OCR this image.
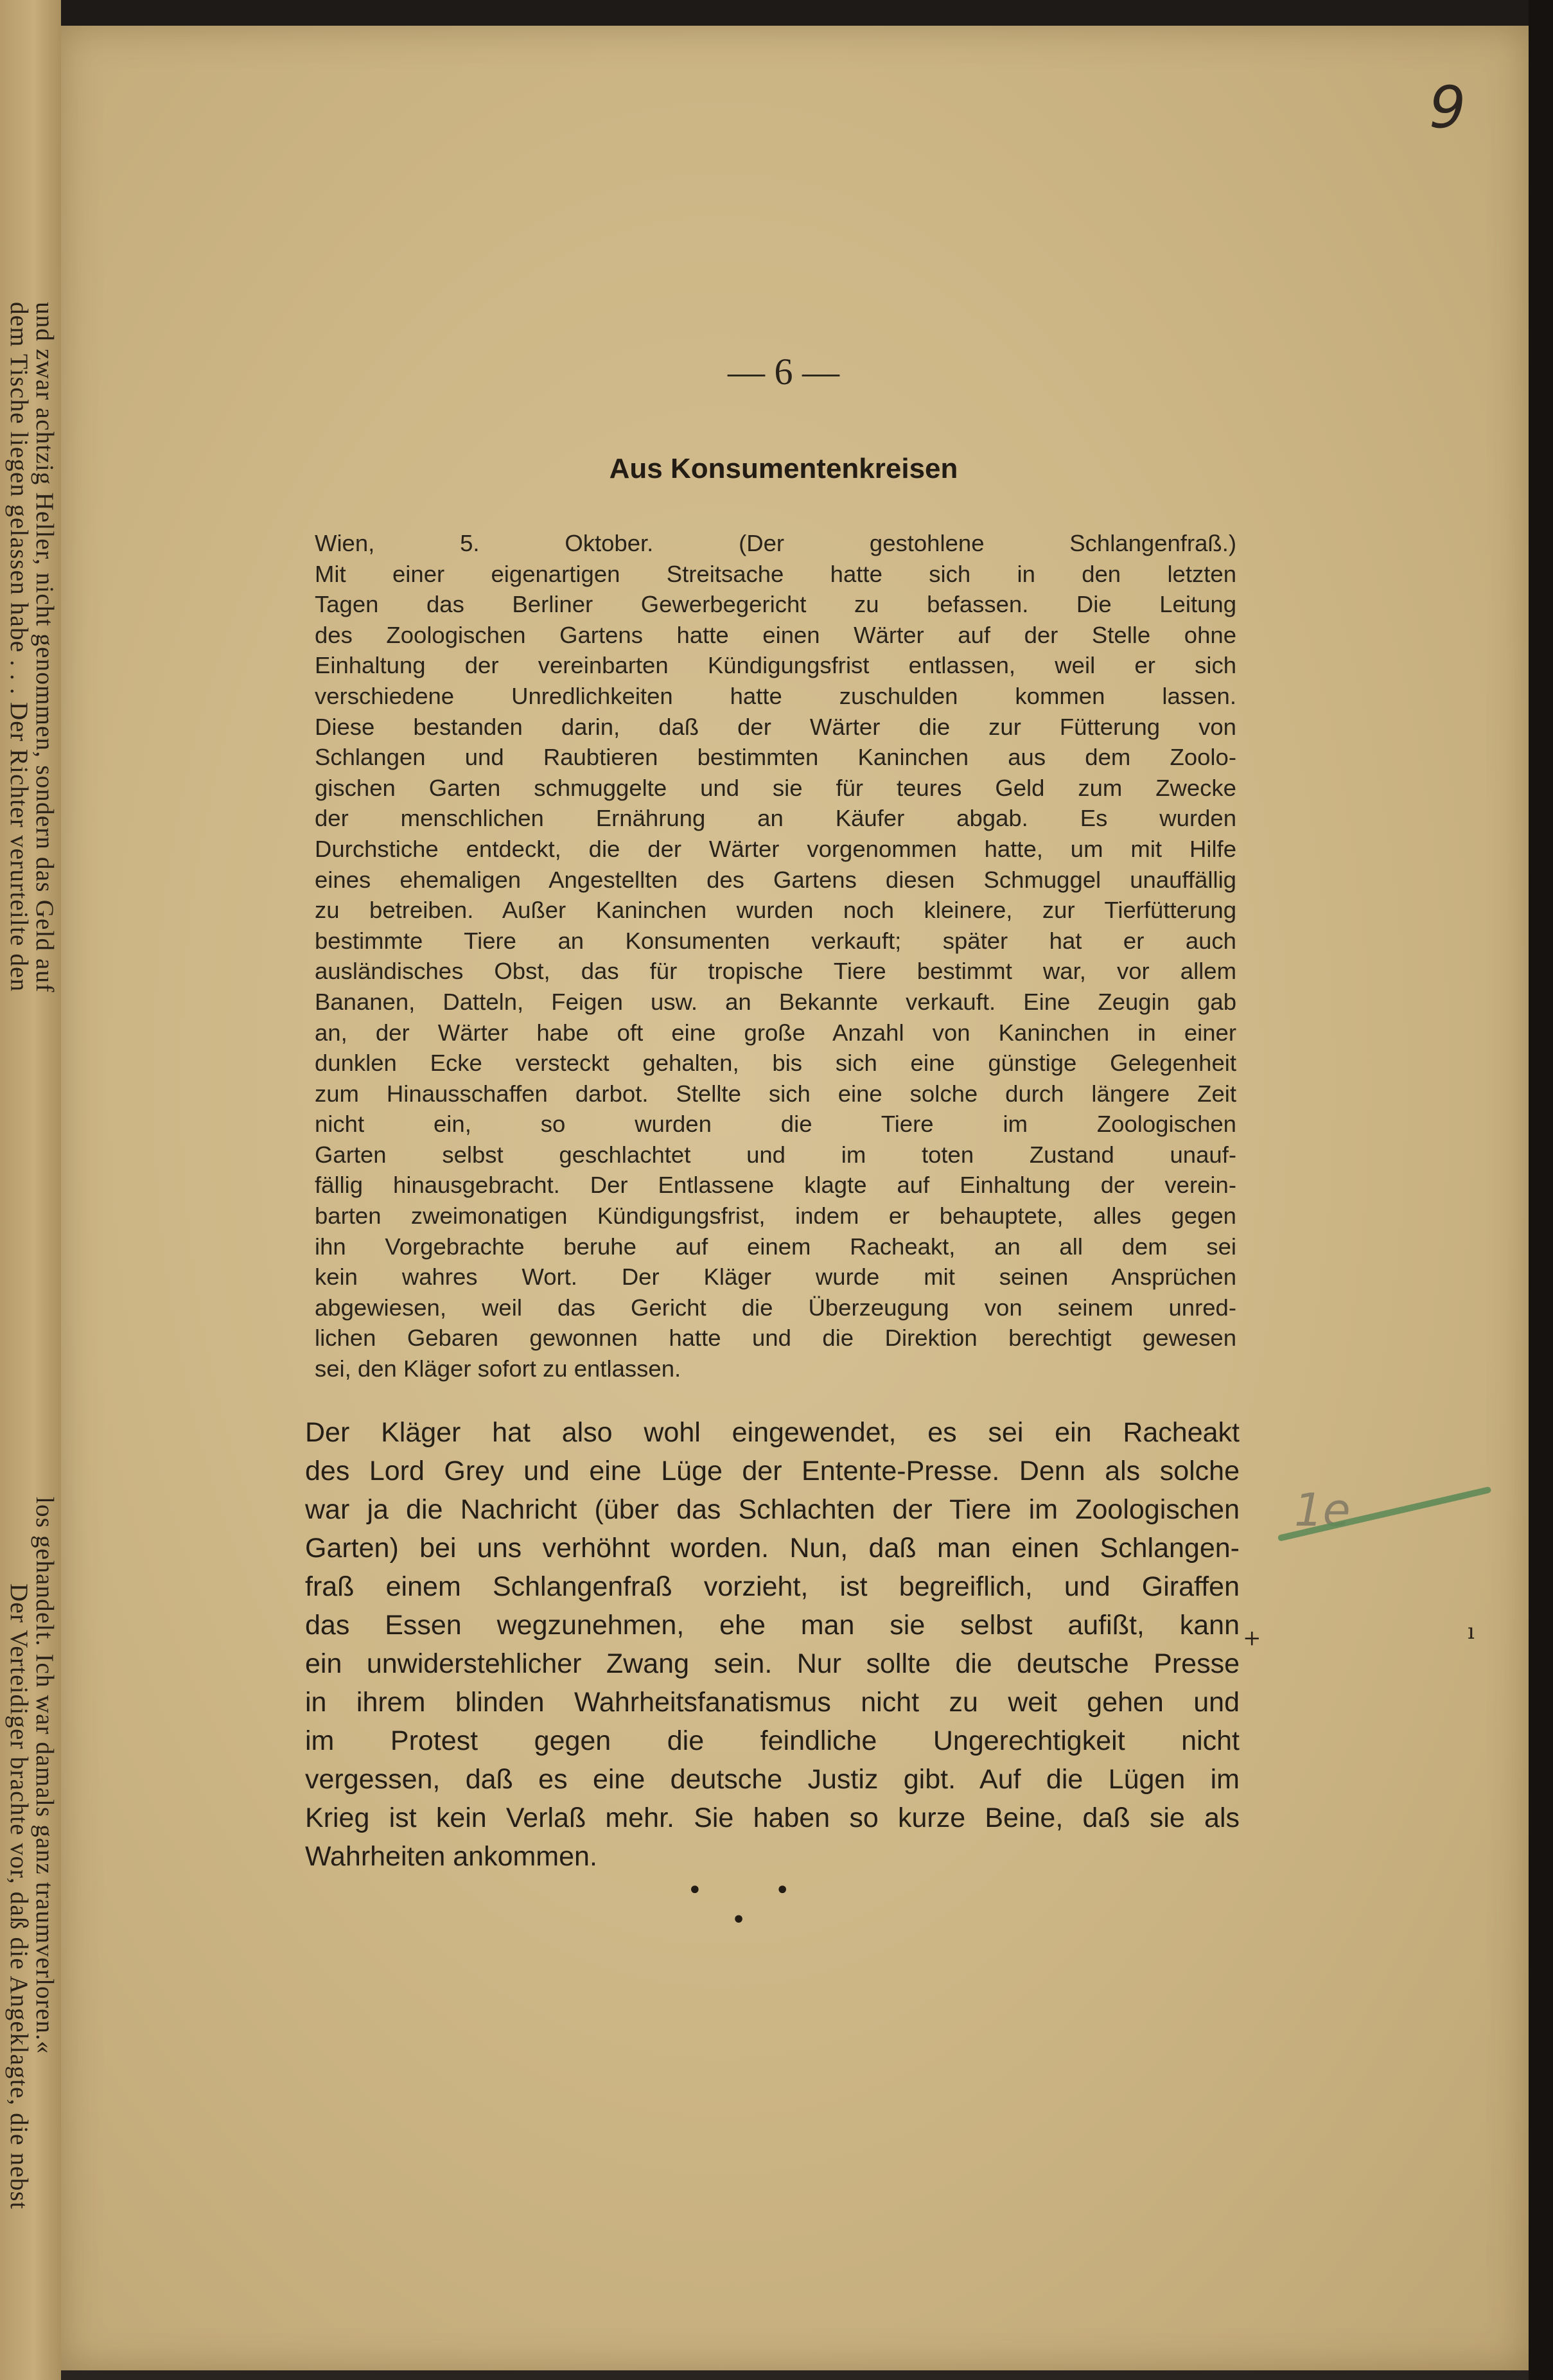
und zwar achtzig Heller, nicht genommen, sondern das Geld auf
dem Tische liegen gelassen habe . . . Der Richter verurteilte den
los gehandelt. Ich war damals ganz traumverloren.«
Der Verteidiger brachte vor, daß die Angeklagte, die nebst
9
— 6 —
Aus Konsumentenkreisen
Wien, 5. Oktober. (Der gestohlene Schlangenfraß.)
Mit einer eigenartigen Streitsache hatte sich in den letzten
Tagen das Berliner Gewerbegericht zu befassen. Die Leitung
des Zoologischen Gartens hatte einen Wärter auf der Stelle ohne
Einhaltung der vereinbarten Kündigungsfrist entlassen, weil er sich
verschiedene Unredlichkeiten hatte zuschulden kommen lassen.
Diese bestanden darin, daß der Wärter die zur Fütterung von
Schlangen und Raubtieren bestimmten Kaninchen aus dem Zoolo-
gischen Garten schmuggelte und sie für teures Geld zum Zwecke
der menschlichen Ernährung an Käufer abgab. Es wurden
Durchstiche entdeckt, die der Wärter vorgenommen hatte, um mit Hilfe
eines ehemaligen Angestellten des Gartens diesen Schmuggel unauffällig
zu betreiben. Außer Kaninchen wurden noch kleinere, zur Tierfütterung
bestimmte Tiere an Konsumenten verkauft; später hat er auch
ausländisches Obst, das für tropische Tiere bestimmt war, vor allem
Bananen, Datteln, Feigen usw. an Bekannte verkauft. Eine Zeugin gab
an, der Wärter habe oft eine große Anzahl von Kaninchen in einer
dunklen Ecke versteckt gehalten, bis sich eine günstige Gelegenheit
zum Hinausschaffen darbot. Stellte sich eine solche durch längere Zeit
nicht ein, so wurden die Tiere im Zoologischen
Garten selbst geschlachtet und im toten Zustand unauf-
fällig hinausgebracht. Der Entlassene klagte auf Einhaltung der verein-
barten zweimonatigen Kündigungsfrist, indem er behauptete, alles gegen
ihn Vorgebrachte beruhe auf einem Racheakt, an all dem sei
kein wahres Wort. Der Kläger wurde mit seinen Ansprüchen
abgewiesen, weil das Gericht die Überzeugung von seinem unred-
lichen Gebaren gewonnen hatte und die Direktion berechtigt gewesen
sei, den Kläger sofort zu entlassen.
Der Kläger hat also wohl eingewendet, es sei ein Racheakt
des Lord Grey und eine Lüge der Entente-Presse. Denn als solche
war ja die Nachricht (über das Schlachten der Tiere im Zoologischen
Garten) bei uns verhöhnt worden. Nun, daß man einen Schlangen-
fraß einem Schlangenfraß vorzieht, ist begreiflich, und Giraffen
das Essen wegzunehmen, ehe man sie selbst aufißt, kann
ein unwiderstehlicher Zwang sein. Nur sollte die deutsche Presse
in ihrem blinden Wahrheitsfanatismus nicht zu weit gehen und
im Protest gegen die feindliche Ungerechtigkeit nicht
vergessen, daß es eine deutsche Justiz gibt. Auf die Lügen im
Krieg ist kein Verlaß mehr. Sie haben so kurze Beine, daß sie als
Wahrheiten ankommen.
• • •
1e
+	ı
